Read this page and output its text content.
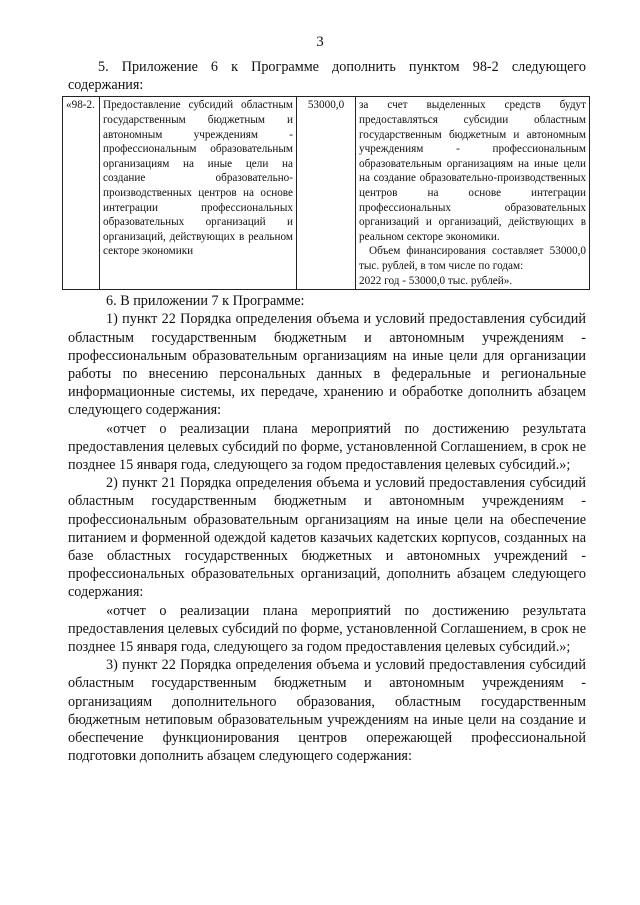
3

5. Приложение 6 к Программе дополнить пунктом 98-2 следующего содержания:

«98-2.	Предоставление субсидий областным государственным бюджетным и автономным учреждениям - профессиональным образовательным организациям на иные цели на создание образовательно-производственных центров на основе интеграции профессиональных образовательных организаций и организаций, действующих в реальном секторе экономики	53000,0	за счет выделенных средств будут предоставляться субсидии областным государственным бюджетным и автономным учреждениям - профессиональным образовательным организациям на иные цели на создание образовательно-производственных центров на основе интеграции профессиональных образовательных организаций и организаций, действующих в реальном секторе экономики.
Объем финансирования составляет 53000,0 тыс. рублей, в том числе по годам:
2022 год - 53000,0 тыс. рублей».

6. В приложении 7 к Программе:

1) пункт 22 Порядка определения объема и условий предоставления субсидий областным государственным бюджетным и автономным учреждениям - профессиональным образовательным организациям на иные цели для организации работы по внесению персональных данных в федеральные и региональные информационные системы, их передаче, хранению и обработке дополнить абзацем следующего содержания:

«отчет о реализации плана мероприятий по достижению результата предоставления целевых субсидий по форме, установленной Соглашением, в срок не позднее 15 января года, следующего за годом предоставления целевых субсидий.»;

2) пункт 21 Порядка определения объема и условий предоставления субсидий областным государственным бюджетным и автономным учреждениям - профессиональным образовательным организациям на иные цели на обеспечение питанием и форменной одеждой кадетов казачьих кадетских корпусов, созданных на базе областных государственных бюджетных и автономных учреждений - профессиональных образовательных организаций, дополнить абзацем следующего содержания:

«отчет о реализации плана мероприятий по достижению результата предоставления целевых субсидий по форме, установленной Соглашением, в срок не позднее 15 января года, следующего за годом предоставления целевых субсидий.»;

3) пункт 22 Порядка определения объема и условий предоставления субсидий областным государственным бюджетным и автономным учреждениям - организациям дополнительного образования, областным государственным бюджетным нетиповым образовательным учреждениям на иные цели на создание и обеспечение функционирования центров опережающей профессиональной подготовки дополнить абзацем следующего содержания:
